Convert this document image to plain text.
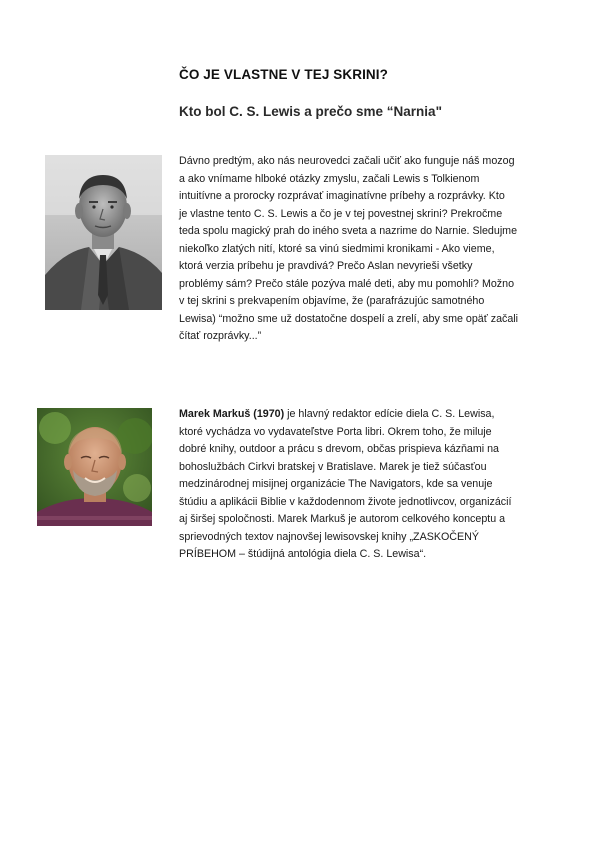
ČO JE VLASTNE V TEJ SKRINI?
Kto bol C. S. Lewis a prečo sme “Narnia"
Dávno predtým, ako nás neurovedci začali učiť ako funguje náš mozog
a ako vnímame hlboké otázky zmyslu, začali Lewis s Tolkienom
intuitívne a prorocky rozprávať imaginatívne príbehy a rozprávky. Kto
je vlastne tento C. S. Lewis a čo je v tej povestnej skrini? Prekročme
teda spolu magický prah do iného sveta a nazrime do Narnie. Sledujme
niekoľko zlatých nití, ktoré sa vinú siedmimi kronikami - Ako vieme,
ktorá verzia príbehu je pravdivá? Prečo Aslan nevyrieši všetky
problémy sám? Prečo stále pozýva malé deti, aby mu pomohli? Možno
v tej skrini s prekvapením objavíme, že (parafrázujúc samotného
Lewisa) “možno sme už dostatočne dospelí a zrelí, aby sme opäť začali
čítať rozprávky...”
Marek Markuš (1970) je hlavný redaktor edície diela C. S. Lewisa,
ktoré vychádza vo vydavateľstve Porta libri. Okrem toho, že miluje
dobré knihy, outdoor a prácu s drevom, občas prispieva kázňami na
bohoslužbách Cirkvi bratskej v Bratislave. Marek je tiež súčasťou
medzinárodnej misijnej organizácie The Navigators, kde sa venuje
štúdiu a aplikácii Biblie v každodennom živote jednotlivcov, organizácií
aj širšej spoločnosti. Marek Markuš je autorom celkového konceptu a
sprievodných textov najnovšej lewisovskej knihy „ZASKOČENÝ
PRÍBEHOM – štúdijná antológia diela C. S. Lewisa“.
